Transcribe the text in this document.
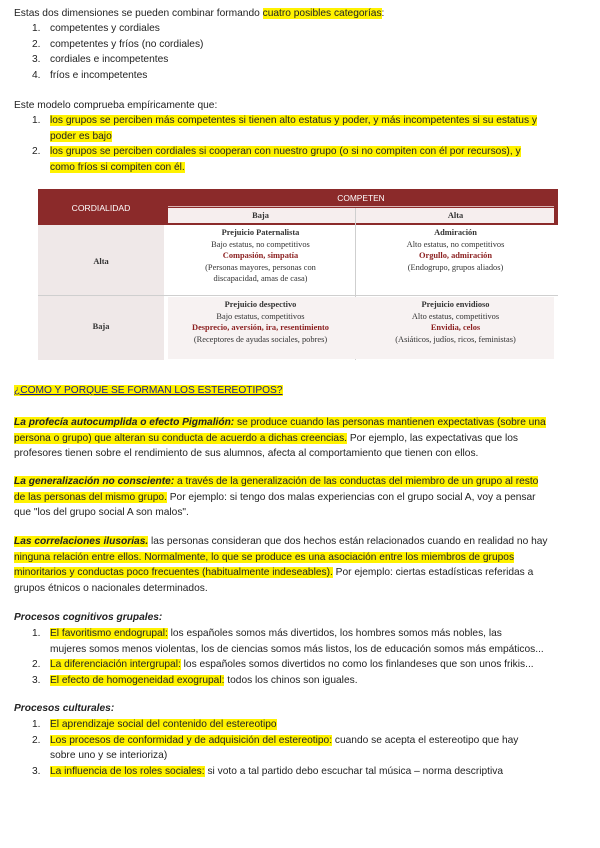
Estas dos dimensiones se pueden combinar formando cuatro posibles categorías:
1. competentes y cordiales
2. competentes y fríos (no cordiales)
3. cordiales e incompetentes
4. fríos e incompetentes
Este modelo comprueba empíricamente que:
1. los grupos se perciben más competentes si tienen alto estatus y poder, y más incompetentes si su estatus y
poder es bajo
2. los grupos se perciben cordiales si cooperan con nuestro grupo (o si no compiten con él por recursos), y
como fríos si compiten con él.
CORDIALIDAD
COMPETEN
Baja	Alta
Alta
Baja
Prejuicio Paternalista
Bajo estatus, no competitivos
Compasión, simpatía
(Personas mayores, personas con
discapacidad, amas de casa)
Admiración
Alto estatus, no competitivos
Orgullo, admiración
(Endogrupo, grupos aliados)
Prejuicio despectivo
Bajo estatus, competitivos
Desprecio, aversión, ira, resentimiento
(Receptores de ayudas sociales, pobres)
Prejuicio envidioso
Alto estatus, competitivos
Envidia, celos
(Asiáticos, judíos, ricos, feministas)
¿COMO Y PORQUE SE FORMAN LOS ESTEREOTIPOS?
La profecía autocumplida o efecto Pigmalión: se produce cuando las personas mantienen expectativas (sobre una
persona o grupo) que alteran su conducta de acuerdo a dichas creencias. Por ejemplo, las expectativas que los
profesores tienen sobre el rendimiento de sus alumnos, afecta al comportamiento que tienen con ellos.
La generalización no consciente: a través de la generalización de las conductas del miembro de un grupo al resto
de las personas del mismo grupo. Por ejemplo: si tengo dos malas experiencias con el grupo social A, voy a pensar
que "los del grupo social A son malos".
Las correlaciones ilusorias. las personas consideran que dos hechos están relacionados cuando en realidad no hay
ninguna relación entre ellos. Normalmente, lo que se produce es una asociación entre los miembros de grupos
minoritarios y conductas poco frecuentes (habitualmente indeseables). Por ejemplo: ciertas estadísticas referidas a
grupos étnicos o nacionales determinados.
Procesos cognitivos grupales:
1. El favoritismo endogrupal: los españoles somos más divertidos, los hombres somos más nobles, las
mujeres somos menos violentas, los de ciencias somos más listos, los de educación somos más empáticos...
2. La diferenciación intergrupal: los españoles somos divertidos no como los finlandeses que son unos frikis...
3. El efecto de homogeneidad exogrupal: todos los chinos son iguales.
Procesos culturales:
1. El aprendizaje social del contenido del estereotipo
2. Los procesos de conformidad y de adquisición del estereotipo: cuando se acepta el estereotipo que hay
sobre uno y se interioriza)
3. La influencia de los roles sociales: si voto a tal partido debo escuchar tal música – norma descriptiva
